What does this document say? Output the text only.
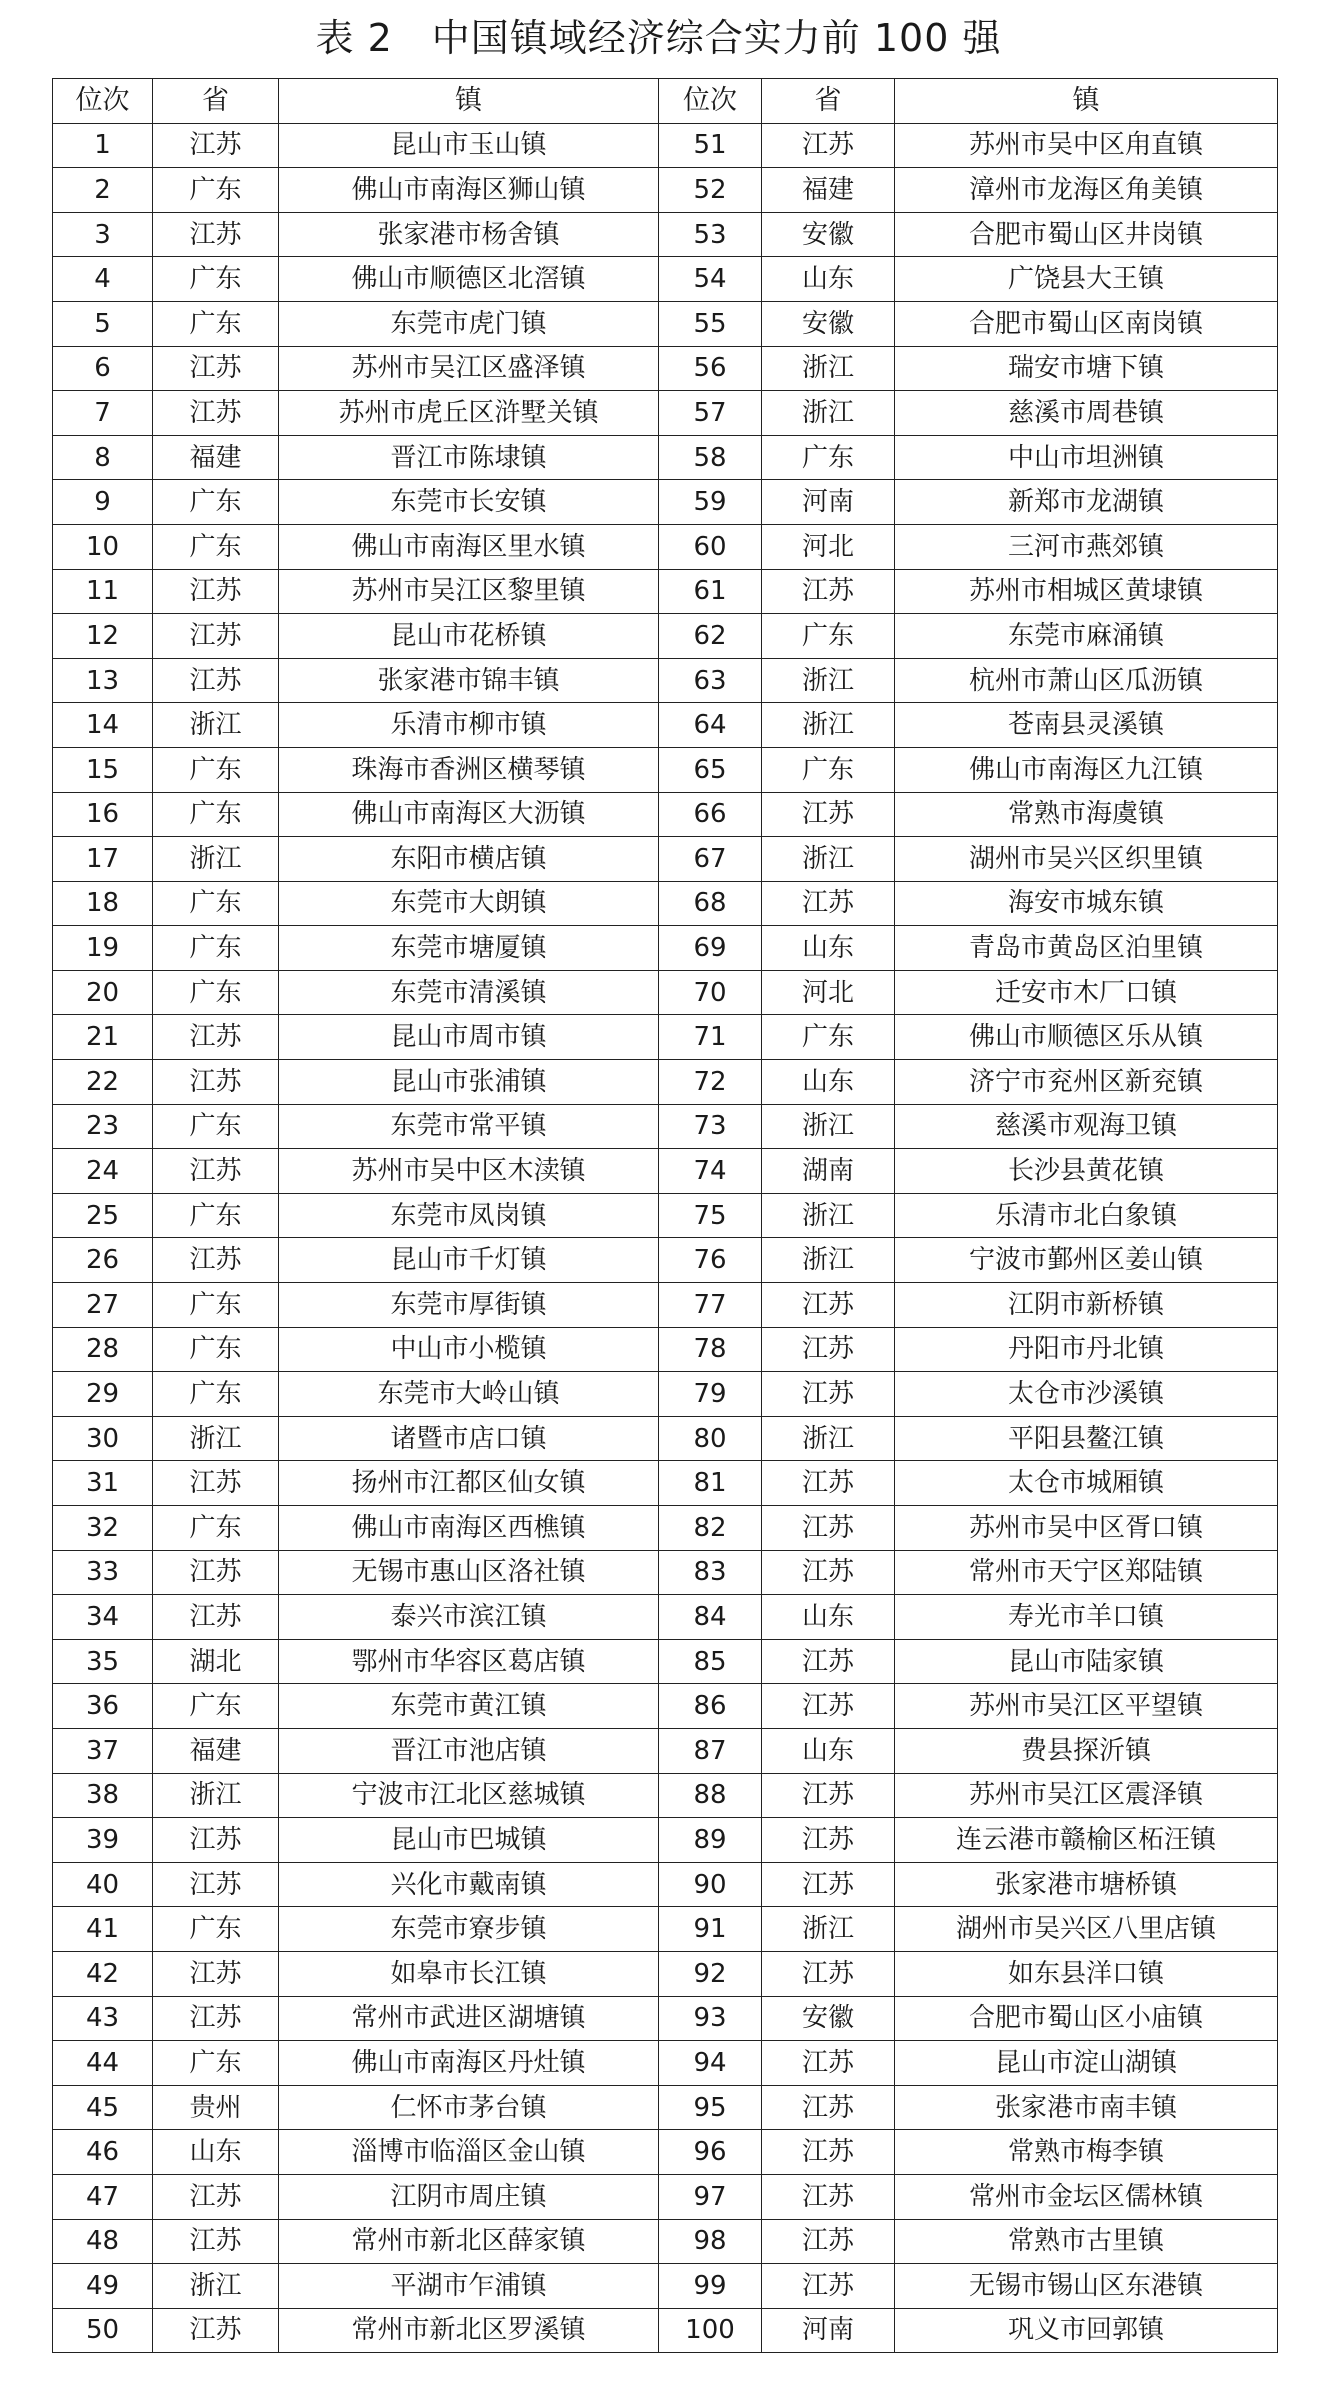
表 2　中国镇域经济综合实力前 100 强
位次	省	镇	位次	省	镇
1	江苏	昆山市玉山镇	51	江苏	苏州市吴中区甪直镇
2	广东	佛山市南海区狮山镇	52	福建	漳州市龙海区角美镇
3	江苏	张家港市杨舍镇	53	安徽	合肥市蜀山区井岗镇
4	广东	佛山市顺德区北滘镇	54	山东	广饶县大王镇
5	广东	东莞市虎门镇	55	安徽	合肥市蜀山区南岗镇
6	江苏	苏州市吴江区盛泽镇	56	浙江	瑞安市塘下镇
7	江苏	苏州市虎丘区浒墅关镇	57	浙江	慈溪市周巷镇
8	福建	晋江市陈埭镇	58	广东	中山市坦洲镇
9	广东	东莞市长安镇	59	河南	新郑市龙湖镇
10	广东	佛山市南海区里水镇	60	河北	三河市燕郊镇
11	江苏	苏州市吴江区黎里镇	61	江苏	苏州市相城区黄埭镇
12	江苏	昆山市花桥镇	62	广东	东莞市麻涌镇
13	江苏	张家港市锦丰镇	63	浙江	杭州市萧山区瓜沥镇
14	浙江	乐清市柳市镇	64	浙江	苍南县灵溪镇
15	广东	珠海市香洲区横琴镇	65	广东	佛山市南海区九江镇
16	广东	佛山市南海区大沥镇	66	江苏	常熟市海虞镇
17	浙江	东阳市横店镇	67	浙江	湖州市吴兴区织里镇
18	广东	东莞市大朗镇	68	江苏	海安市城东镇
19	广东	东莞市塘厦镇	69	山东	青岛市黄岛区泊里镇
20	广东	东莞市清溪镇	70	河北	迁安市木厂口镇
21	江苏	昆山市周市镇	71	广东	佛山市顺德区乐从镇
22	江苏	昆山市张浦镇	72	山东	济宁市兖州区新兖镇
23	广东	东莞市常平镇	73	浙江	慈溪市观海卫镇
24	江苏	苏州市吴中区木渎镇	74	湖南	长沙县黄花镇
25	广东	东莞市凤岗镇	75	浙江	乐清市北白象镇
26	江苏	昆山市千灯镇	76	浙江	宁波市鄞州区姜山镇
27	广东	东莞市厚街镇	77	江苏	江阴市新桥镇
28	广东	中山市小榄镇	78	江苏	丹阳市丹北镇
29	广东	东莞市大岭山镇	79	江苏	太仓市沙溪镇
30	浙江	诸暨市店口镇	80	浙江	平阳县鳌江镇
31	江苏	扬州市江都区仙女镇	81	江苏	太仓市城厢镇
32	广东	佛山市南海区西樵镇	82	江苏	苏州市吴中区胥口镇
33	江苏	无锡市惠山区洛社镇	83	江苏	常州市天宁区郑陆镇
34	江苏	泰兴市滨江镇	84	山东	寿光市羊口镇
35	湖北	鄂州市华容区葛店镇	85	江苏	昆山市陆家镇
36	广东	东莞市黄江镇	86	江苏	苏州市吴江区平望镇
37	福建	晋江市池店镇	87	山东	费县探沂镇
38	浙江	宁波市江北区慈城镇	88	江苏	苏州市吴江区震泽镇
39	江苏	昆山市巴城镇	89	江苏	连云港市赣榆区柘汪镇
40	江苏	兴化市戴南镇	90	江苏	张家港市塘桥镇
41	广东	东莞市寮步镇	91	浙江	湖州市吴兴区八里店镇
42	江苏	如皋市长江镇	92	江苏	如东县洋口镇
43	江苏	常州市武进区湖塘镇	93	安徽	合肥市蜀山区小庙镇
44	广东	佛山市南海区丹灶镇	94	江苏	昆山市淀山湖镇
45	贵州	仁怀市茅台镇	95	江苏	张家港市南丰镇
46	山东	淄博市临淄区金山镇	96	江苏	常熟市梅李镇
47	江苏	江阴市周庄镇	97	江苏	常州市金坛区儒林镇
48	江苏	常州市新北区薛家镇	98	江苏	常熟市古里镇
49	浙江	平湖市乍浦镇	99	江苏	无锡市锡山区东港镇
50	江苏	常州市新北区罗溪镇	100	河南	巩义市回郭镇
